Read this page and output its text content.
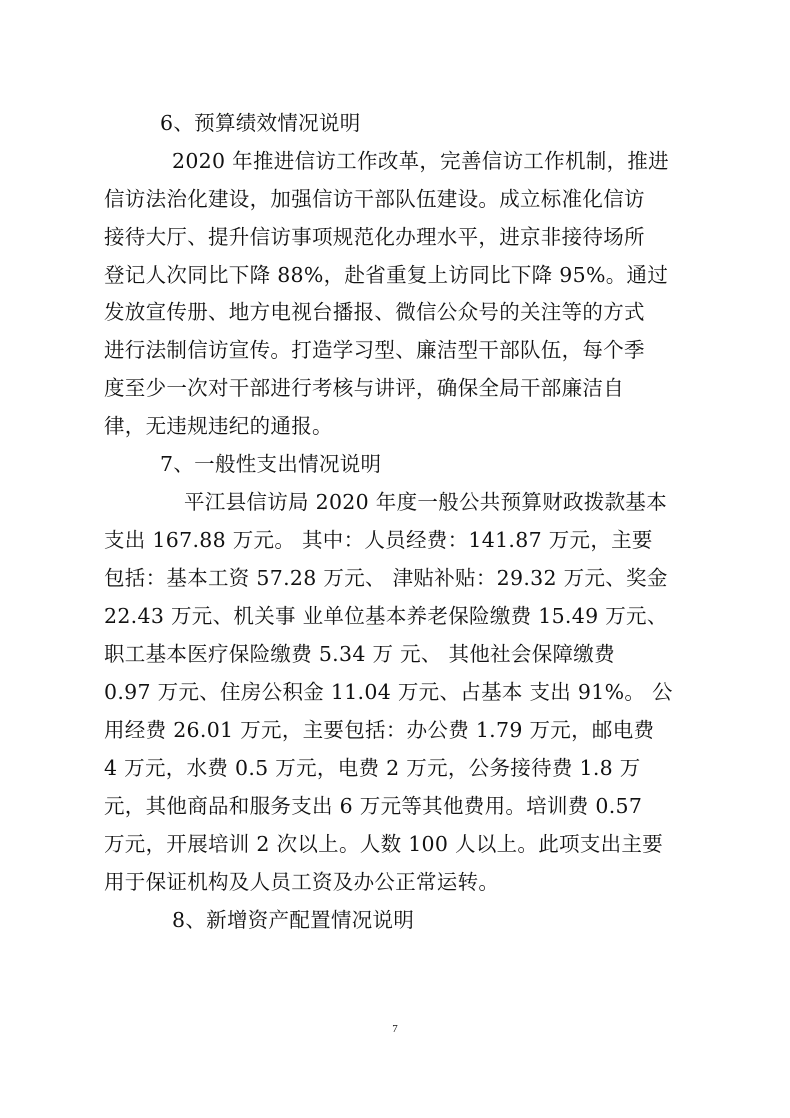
6、预算绩效情况说明
2020 年推进信访工作改革，完善信访工作机制，推进
信访法治化建设，加强信访干部队伍建设。成立标准化信访
接待大厅、提升信访事项规范化办理水平，进京非接待场所
登记人次同比下降 88%，赴省重复上访同比下降 95%。通过
发放宣传册、地方电视台播报、微信公众号的关注等的方式
进行法制信访宣传。打造学习型、廉洁型干部队伍，每个季
度至少一次对干部进行考核与讲评，确保全局干部廉洁自
律，无违规违纪的通报。
7、一般性支出情况说明
平江县信访局 2020 年度一般公共预算财政拨款基本
支出 167.88 万元。 其中：人员经费：141.87 万元，主要
包括：基本工资 57.28 万元、 津贴补贴：29.32 万元、奖金
22.43 万元、机关事 业单位基本养老保险缴费 15.49 万元、
职工基本医疗保险缴费 5.34 万 元、 其他社会保障缴费
0.97 万元、住房公积金 11.04 万元、占基本 支出 91%。 公
用经费 26.01 万元，主要包括：办公费 1.79 万元，邮电费
4 万元，水费 0.5 万元，电费 2 万元，公务接待费 1.8 万
元，其他商品和服务支出 6 万元等其他费用。培训费 0.57
万元，开展培训 2 次以上。人数 100 人以上。此项支出主要
用于保证机构及人员工资及办公正常运转。
8、新增资产配置情况说明
7
